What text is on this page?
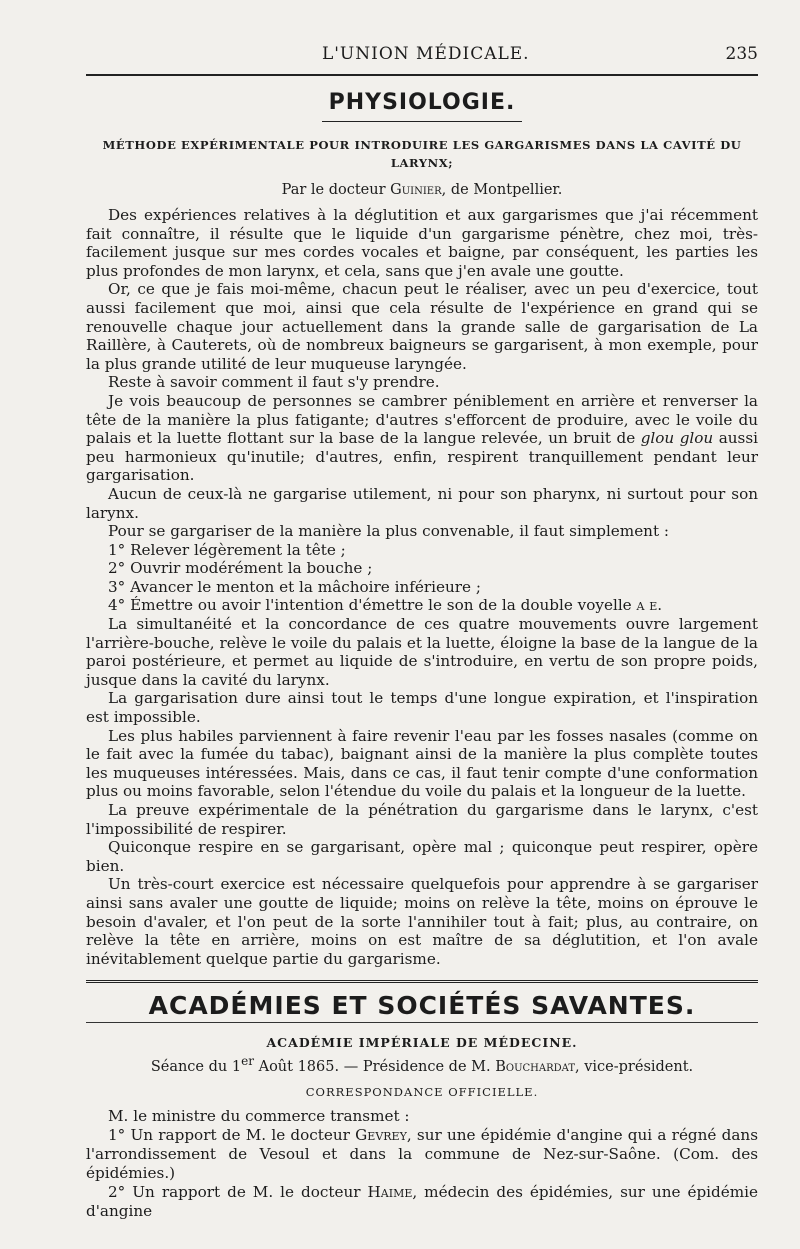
L'UNION MÉDICALE.	235
PHYSIOLOGIE.
MÉTHODE EXPÉRIMENTALE POUR INTRODUIRE LES GARGARISMES DANS LA CAVITÉ DU LARYNX;
Par le docteur Guinier, de Montpellier.

Des expériences relatives à la déglutition et aux gargarismes que j'ai récemment fait connaître, il résulte que le liquide d'un gargarisme pénètre, chez moi, très-facilement jusque sur mes cordes vocales et baigne, par conséquent, les parties les plus profondes de mon larynx, et cela, sans que j'en avale une goutte.

Or, ce que je fais moi-même, chacun peut le réaliser, avec un peu d'exercice, tout aussi facilement que moi, ainsi que cela résulte de l'expérience en grand qui se renouvelle chaque jour actuellement dans la grande salle de gargarisation de La Raillère, à Cauterets, où de nombreux baigneurs se gargarisent, à mon exemple, pour la plus grande utilité de leur muqueuse laryngée.

Reste à savoir comment il faut s'y prendre.

Je vois beaucoup de personnes se cambrer péniblement en arrière et renverser la tête de la manière la plus fatigante; d'autres s'efforcent de produire, avec le voile du palais et la luette flottant sur la base de la langue relevée, un bruit de glou glou aussi peu harmonieux qu'inutile; d'autres, enfin, respirent tranquillement pendant leur gargarisation.

Aucun de ceux-là ne gargarise utilement, ni pour son pharynx, ni surtout pour son larynx.

Pour se gargariser de la manière la plus convenable, il faut simplement :

1° Relever légèrement la tête ;

2° Ouvrir modérément la bouche ;

3° Avancer le menton et la mâchoire inférieure ;

4° Émettre ou avoir l'intention d'émettre le son de la double voyelle a e.

La simultanéité et la concordance de ces quatre mouvements ouvre largement l'arrière-bouche, relève le voile du palais et la luette, éloigne la base de la langue de la paroi postérieure, et permet au liquide de s'introduire, en vertu de son propre poids, jusque dans la cavité du larynx.

La gargarisation dure ainsi tout le temps d'une longue expiration, et l'inspiration est impossible.

Les plus habiles parviennent à faire revenir l'eau par les fosses nasales (comme on le fait avec la fumée du tabac), baignant ainsi de la manière la plus complète toutes les muqueuses intéressées. Mais, dans ce cas, il faut tenir compte d'une conformation plus ou moins favorable, selon l'étendue du voile du palais et la longueur de la luette.

La preuve expérimentale de la pénétration du gargarisme dans le larynx, c'est l'impossibilité de respirer.

Quiconque respire en se gargarisant, opère mal ; quiconque peut respirer, opère bien.

Un très-court exercice est nécessaire quelquefois pour apprendre à se gargariser ainsi sans avaler une goutte de liquide; moins on relève la tête, moins on éprouve le besoin d'avaler, et l'on peut de la sorte l'annihiler tout à fait; plus, au contraire, on relève la tête en arrière, moins on est maître de sa déglutition, et l'on avale inévitablement quelque partie du gargarisme.

ACADÉMIES ET SOCIÉTÉS SAVANTES.
ACADÉMIE IMPÉRIALE DE MÉDECINE.
Séance du 1er Août 1865. — Présidence de M. Bouchardat, vice-président.
CORRESPONDANCE OFFICIELLE.

M. le ministre du commerce transmet :

1° Un rapport de M. le docteur Gevrey, sur une épidémie d'angine qui a régné dans l'arrondissement de Vesoul et dans la commune de Nez-sur-Saône. (Com. des épidémies.)

2° Un rapport de M. le docteur Haime, médecin des épidémies, sur une épidémie d'angine
